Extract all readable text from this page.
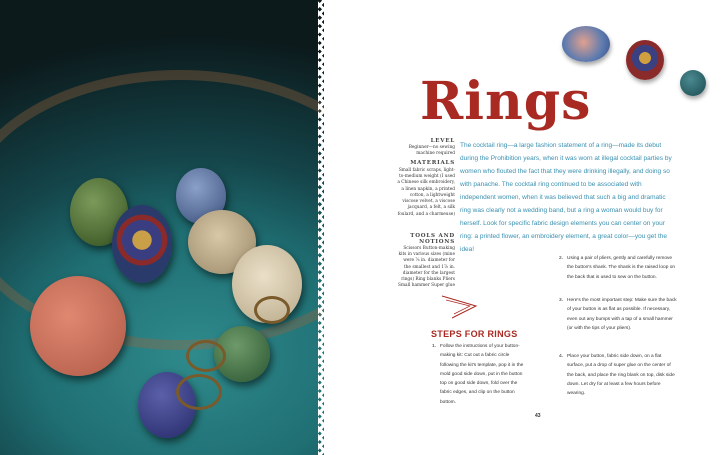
Rings
LEVEL
Beginner—no sewing machine required
MATERIALS
Small fabric scraps, light-to-medium weight (I used a Chinese silk embroidery, a linen napkin, a printed cotton, a lightweight viscose velvet, a viscose jacquard, a felt, a silk foulard, and a charmeuse)
TOOLS AND NOTIONS
Scissors Button-making kits in various sizes (mine were ⅞ in. diameter for the smallest and 1⅞ in. diameter for the largest rings) Ring blanks Pliers Small hammer Super glue

The cocktail ring—a large fashion statement of a ring—made its debut during the Prohibition years, when it was worn at illegal cocktail parties by women who flouted the fact that they were drinking illegally, and doing so with panache. The cocktail ring continued to be associated with independent women, when it was believed that such a big and dramatic ring was clearly not a wedding band, but a ring a woman would buy for herself. Look for specific fabric design elements you can center on your ring: a printed flower, an embroidery element, a great color—you get the idea!

STEPS FOR RINGS
1. Follow the instructions of your button-making kit: Cut out a fabric circle following the kit's template, pop it in the mold good side down, put in the button top on good side down, fold over the fabric edges, and clip on the button bottom.
2. Using a pair of pliers, gently and carefully remove the button's shank. The shank is the raised loop on the back that is used to sew on the button.
3. Here's the most important step: Make sure the back of your button is as flat as possible. If necessary, even out any bumps with a tap of a small hammer (or with the tips of your pliers).
4. Place your button, fabric side down, on a flat surface, put a drop of super glue on the center of the back, and place the ring blank on top, disk side down. Let dry for at least a few hours before wearing.
43
